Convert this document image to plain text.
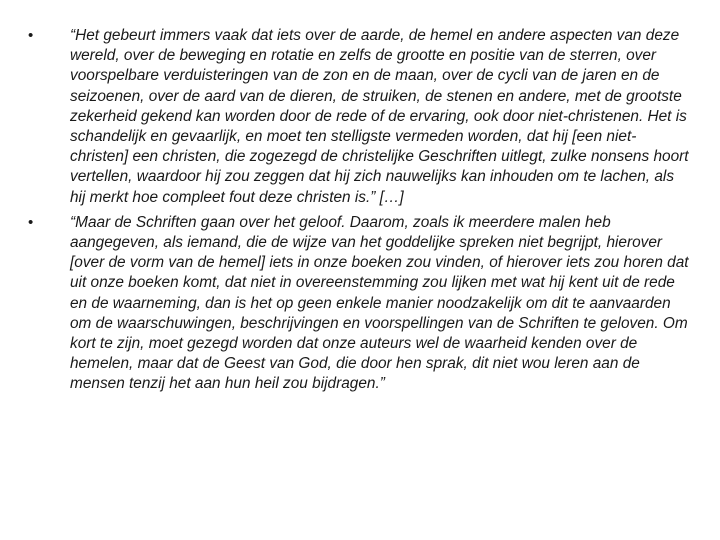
•	“Het gebeurt immers vaak dat iets over de aarde, de hemel en andere aspecten van deze wereld, over de beweging en rotatie en zelfs de grootte en positie van de sterren, over voorspelbare verduisteringen van de zon en de maan, over de cycli van de jaren en de seizoenen, over de aard van de dieren, de struiken, de stenen en andere, met de grootste zekerheid gekend kan worden door de rede of de ervaring, ook door niet-christenen. Het is schandelijk en gevaarlijk, en moet ten stelligste vermeden worden, dat hij [een niet-christen] een christen, die zogezegd de christelijke Geschriften uitlegt, zulke nonsens hoort vertellen, waardoor hij zou zeggen dat hij zich nauwelijks kan inhouden om te lachen, als hij merkt hoe compleet fout deze christen is.” […]
•	“Maar de Schriften gaan over het geloof. Daarom, zoals ik meerdere malen heb aangegeven, als iemand, die de wijze van het goddelijke spreken niet begrijpt, hierover [over de vorm van de hemel] iets in onze boeken zou vinden, of hierover iets zou horen dat uit onze boeken komt, dat niet in overeenstemming zou lijken met wat hij kent uit de rede en de waarneming, dan is het op geen enkele manier noodzakelijk om dit te aanvaarden om de waarschuwingen, beschrijvingen en voorspellingen van de Schriften te geloven. Om kort te zijn, moet gezegd worden dat onze auteurs wel de waarheid kenden over de hemelen, maar dat de Geest van God, die door hen sprak, dit niet wou leren aan de mensen tenzij het aan hun heil zou bijdragen.”
